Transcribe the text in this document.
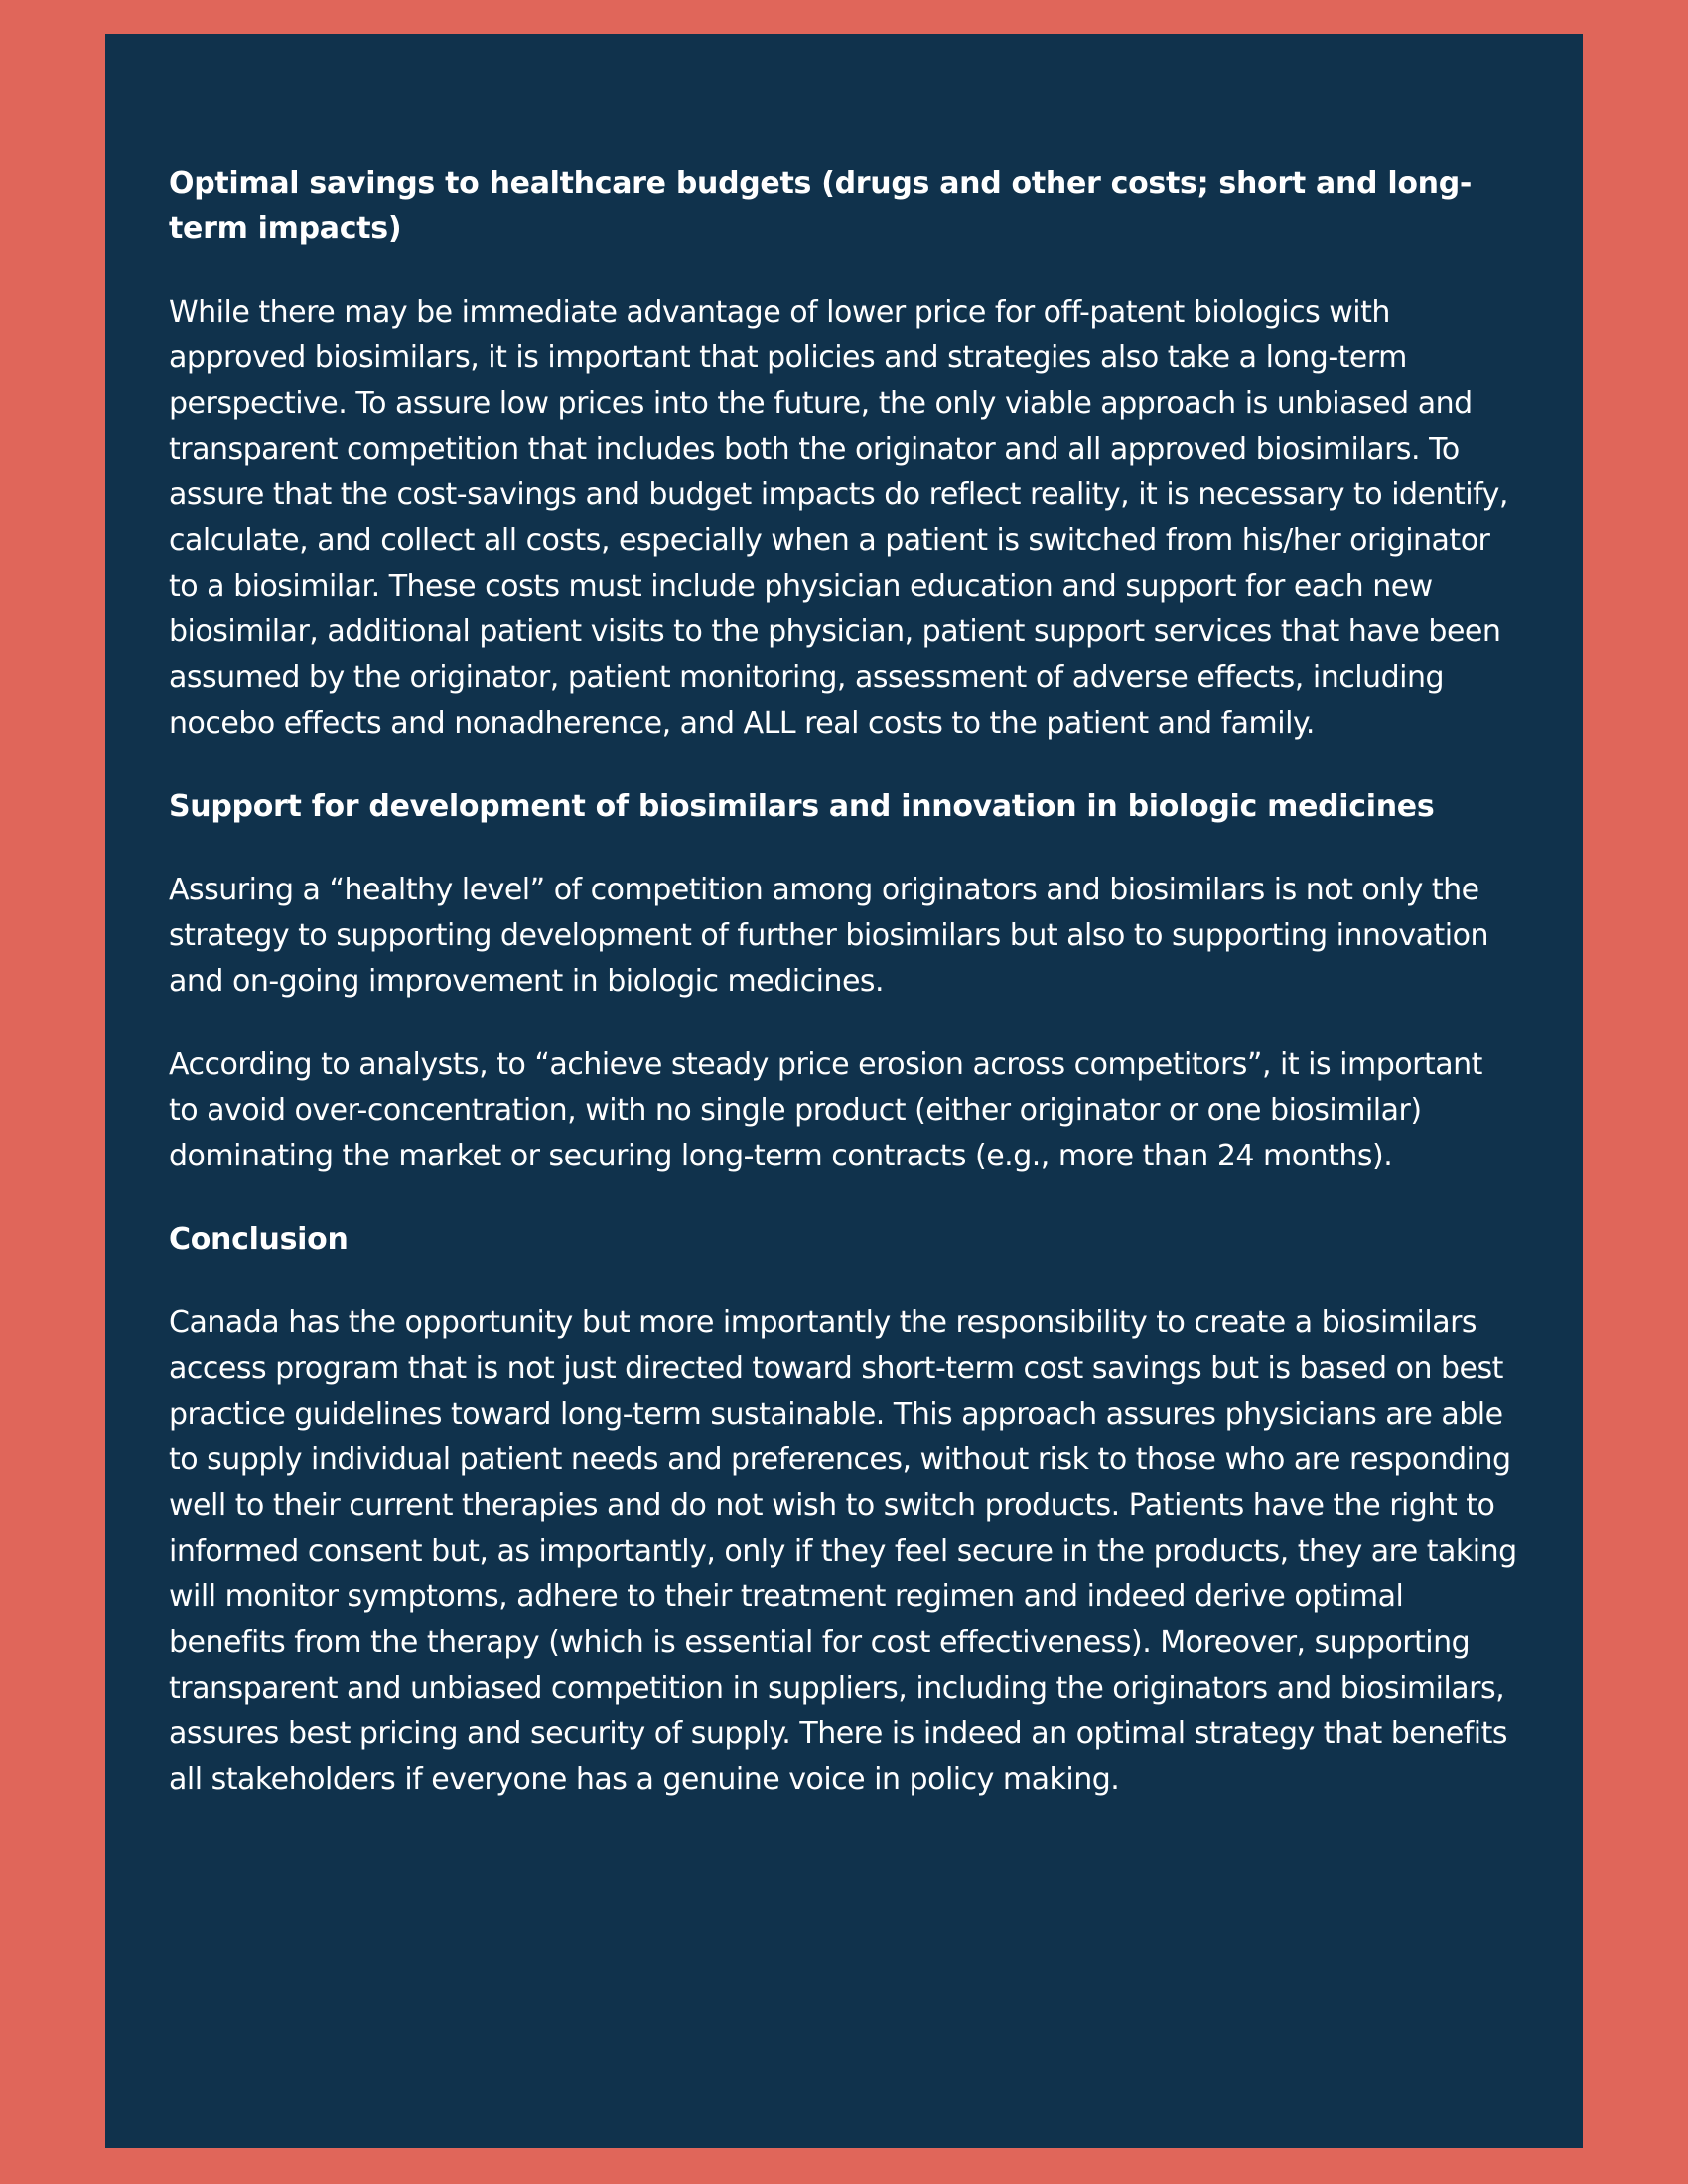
Optimal savings to healthcare budgets (drugs and other costs; short and long- term impacts)

While there may be immediate advantage of lower price for off-patent biologics with approved biosimilars, it is important that policies and strategies also take a long-term perspective. To assure low prices into the future, the only viable approach is unbiased and transparent competition that includes both the originator and all approved biosimilars. To assure that the cost-savings and budget impacts do reflect reality, it is necessary to identify, calculate, and collect all costs, especially when a patient is switched from his/her originator to a biosimilar. These costs must include physician education and support for each new biosimilar, additional patient visits to the physician, patient support services that have been assumed by the originator, patient monitoring, assessment of adverse effects, including nocebo effects and nonadherence, and ALL real costs to the patient and family.

Support for development of biosimilars and innovation in biologic medicines

Assuring a “healthy level” of competition among originators and biosimilars is not only the strategy to supporting development of further biosimilars but also to supporting innovation and on-going improvement in biologic medicines.

According to analysts, to “achieve steady price erosion across competitors”, it is important to avoid over-concentration, with no single product (either originator or one biosimilar) dominating the market or securing long-term contracts (e.g., more than 24 months).

Conclusion

Canada has the opportunity but more importantly the responsibility to create a biosimilars access program that is not just directed toward short-term cost savings but is based on best practice guidelines toward long-term sustainable. This approach assures physicians are able to supply individual patient needs and preferences, without risk to those who are responding well to their current therapies and do not wish to switch products. Patients have the right to informed consent but, as importantly, only if they feel secure in the products, they are taking will monitor symptoms, adhere to their treatment regimen and indeed derive optimal benefits from the therapy (which is essential for cost effectiveness). Moreover, supporting transparent and unbiased competition in suppliers, including the originators and biosimilars, assures best pricing and security of supply. There is indeed an optimal strategy that benefits all stakeholders if everyone has a genuine voice in policy making.
